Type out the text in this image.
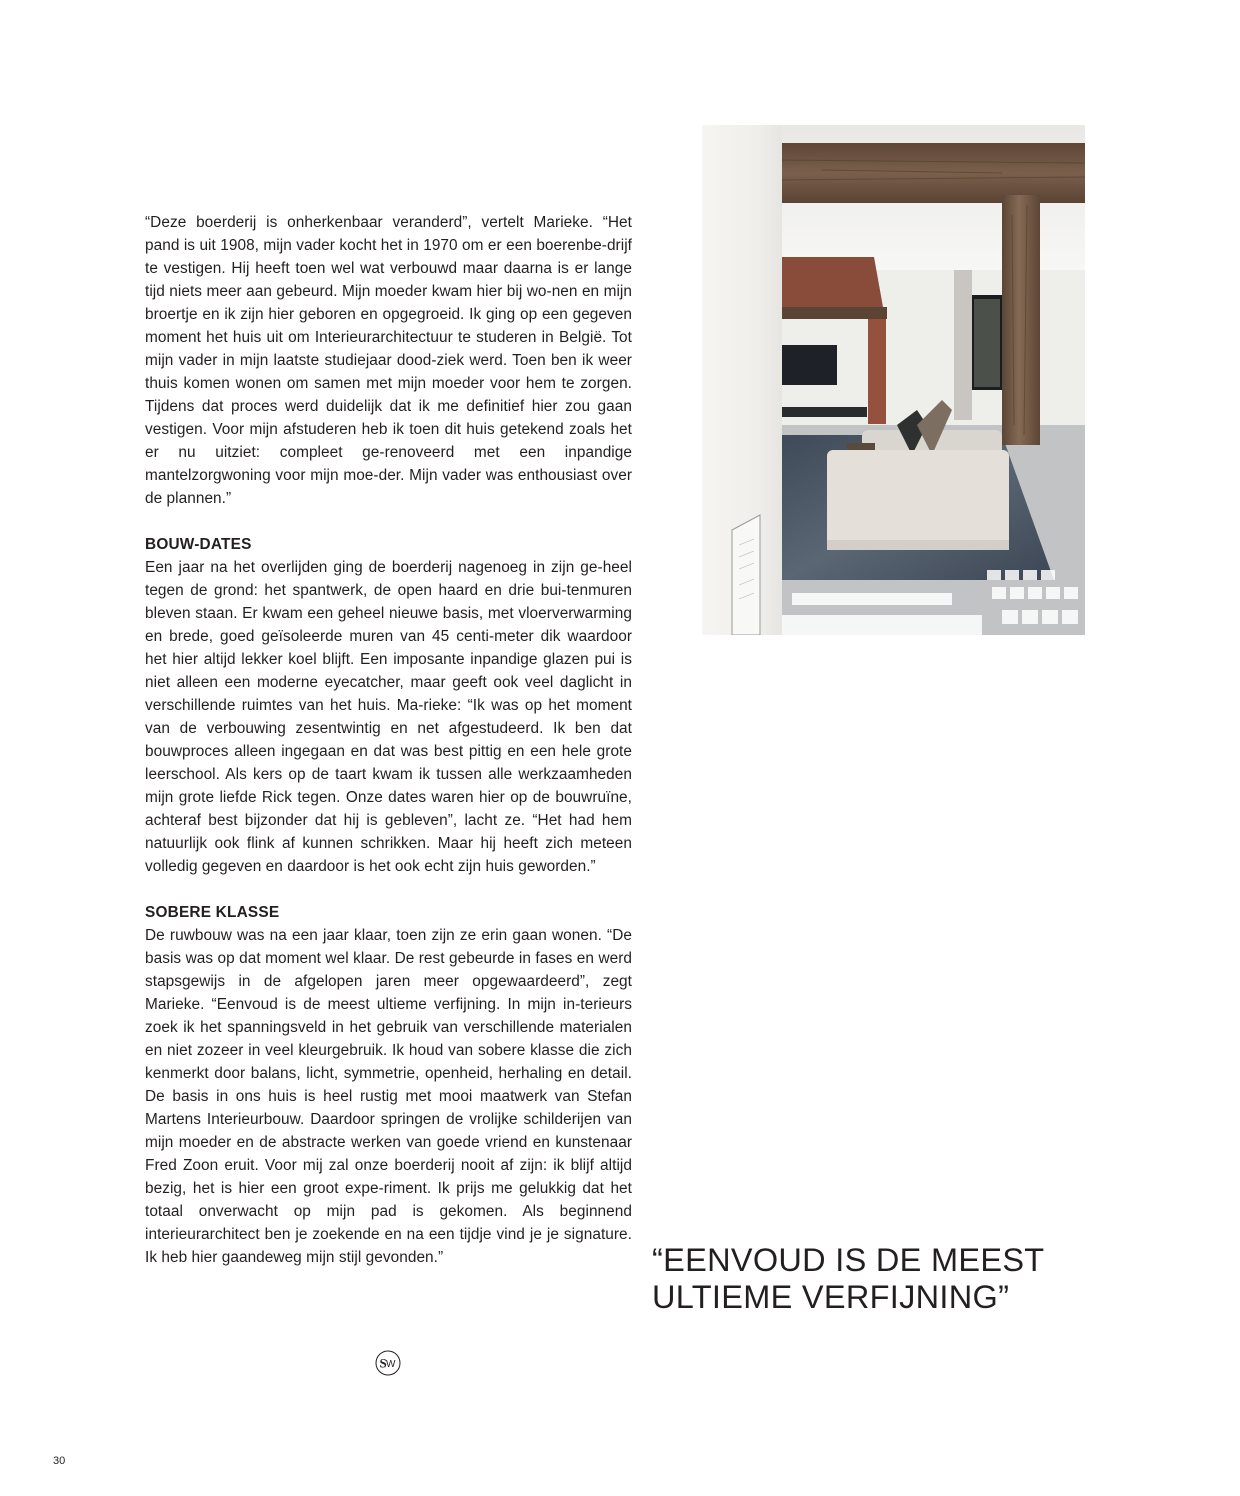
“Deze boerderij is onherkenbaar veranderd”, vertelt Marieke. “Het pand is uit 1908, mijn vader kocht het in 1970 om er een boerenbe-drijf te vestigen. Hij heeft toen wel wat verbouwd maar daarna is er lange tijd niets meer aan gebeurd. Mijn moeder kwam hier bij wo-nen en mijn broertje en ik zijn hier geboren en opgegroeid. Ik ging op een gegeven moment het huis uit om Interieurarchitectuur te studeren in België. Tot mijn vader in mijn laatste studiejaar dood-ziek werd. Toen ben ik weer thuis komen wonen om samen met mijn moeder voor hem te zorgen. Tijdens dat proces werd duidelijk dat ik me definitief hier zou gaan vestigen. Voor mijn afstuderen heb ik toen dit huis getekend zoals het er nu uitziet: compleet ge-renoveerd met een inpandige mantelzorgwoning voor mijn moe-der. Mijn vader was enthousiast over de plannen.”

BOUW-DATES

Een jaar na het overlijden ging de boerderij nagenoeg in zijn ge-heel tegen de grond: het spantwerk, de open haard en drie bui-tenmuren bleven staan. Er kwam een geheel nieuwe basis, met vloerverwarming en brede, goed geïsoleerde muren van 45 centi-meter dik waardoor het hier altijd lekker koel blijft. Een imposante inpandige glazen pui is niet alleen een moderne eyecatcher, maar geeft ook veel daglicht in verschillende ruimtes van het huis. Ma-rieke: “Ik was op het moment van de verbouwing zesentwintig en net afgestudeerd. Ik ben dat bouwproces alleen ingegaan en dat was best pittig en een hele grote leerschool. Als kers op de taart kwam ik tussen alle werkzaamheden mijn grote liefde Rick tegen. Onze dates waren hier op de bouwruïne, achteraf best bijzonder dat hij is gebleven”, lacht ze. “Het had hem natuurlijk ook flink af kunnen schrikken. Maar hij heeft zich meteen volledig gegeven en daardoor is het ook echt zijn huis geworden.”

SOBERE KLASSE

De ruwbouw was na een jaar klaar, toen zijn ze erin gaan wonen. “De basis was op dat moment wel klaar. De rest gebeurde in fases en werd stapsgewijs in de afgelopen jaren meer opgewaardeerd”, zegt Marieke. “Eenvoud is de meest ultieme verfijning. In mijn in-terieurs zoek ik het spanningsveld in het gebruik van verschillende materialen en niet zozeer in veel kleurgebruik. Ik houd van sobere klasse die zich kenmerkt door balans, licht, symmetrie, openheid, herhaling en detail. De basis in ons huis is heel rustig met mooi maatwerk van Stefan Martens Interieurbouw. Daardoor springen de vrolijke schilderijen van mijn moeder en de abstracte werken van goede vriend en kunstenaar Fred Zoon eruit. Voor mij zal onze boerderij nooit af zijn: ik blijf altijd bezig, het is hier een groot expe-riment. Ik prijs me gelukkig dat het totaal onverwacht op mijn pad is gekomen. Als beginnend interieurarchitect ben je zoekende en na een tijdje vind je je signature. Ik heb hier gaandeweg mijn stijl gevonden.”	“EENVOUD IS DE MEEST
ULTIEME VERFIJNING”
S W
30
